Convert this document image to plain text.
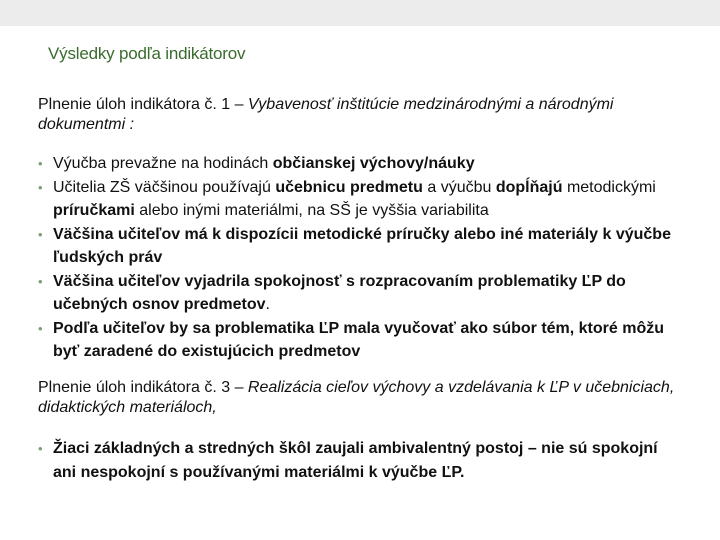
Výsledky podľa indikátorov

Plnenie úloh indikátora č. 1 – Vybavenosť inštitúcie medzinárodnými a národnými dokumentmi :

• Výučba prevažne na hodinách občianskej výchovy/náuky
• Učitelia ZŠ väčšinou používajú učebnicu predmetu a výučbu dopĺňajú metodickými príručkami alebo inými materiálmi, na SŠ je vyššia variabilita
• Väčšina učiteľov má k dispozícii metodické príručky alebo iné materiály k výučbe ľudských práv
• Väčšina učiteľov vyjadrila spokojnosť s rozpracovaním problematiky ĽP do učebných osnov predmetov.
• Podľa učiteľov by sa problematika ĽP mala vyučovať ako súbor tém, ktoré môžu byť zaradené do existujúcich predmetov

Plnenie úloh indikátora č. 3 – Realizácia cieľov výchovy a vzdelávania k ĽP v učebniciach, didaktických materiáloch,

• Žiaci základných a stredných škôl zaujali ambivalentný postoj – nie sú spokojní ani nespokojní s používanými materiálmi k výučbe ĽP.
